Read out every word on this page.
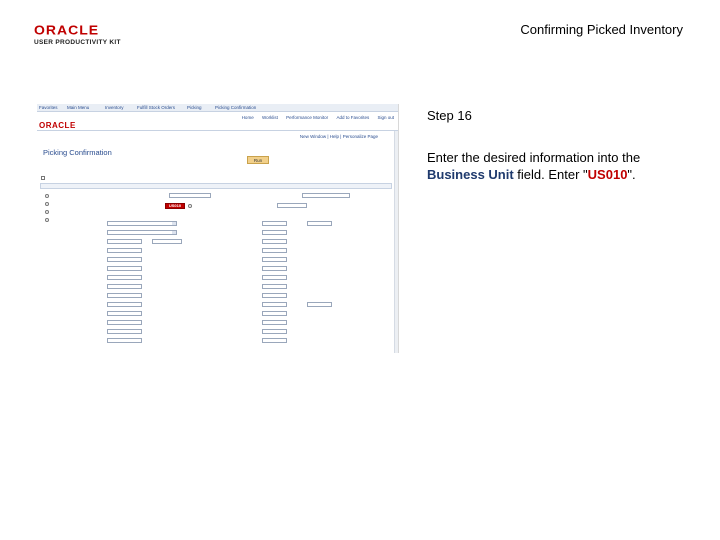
ORACLE
USER PRODUCTIVITY KIT
Confirming Picked Inventory
Step 16
Enter the desired information into the Business Unit field. Enter "US010".
Favorites Main Menu	Inventory	Fulfill Stock Orders	Picking	Picking Confirmation
ORACLE
Home Worklist Performance Monitor Add to Favorites Sign out
New Window | Help | Personalize Page
Picking Confirmation
Run
US010
